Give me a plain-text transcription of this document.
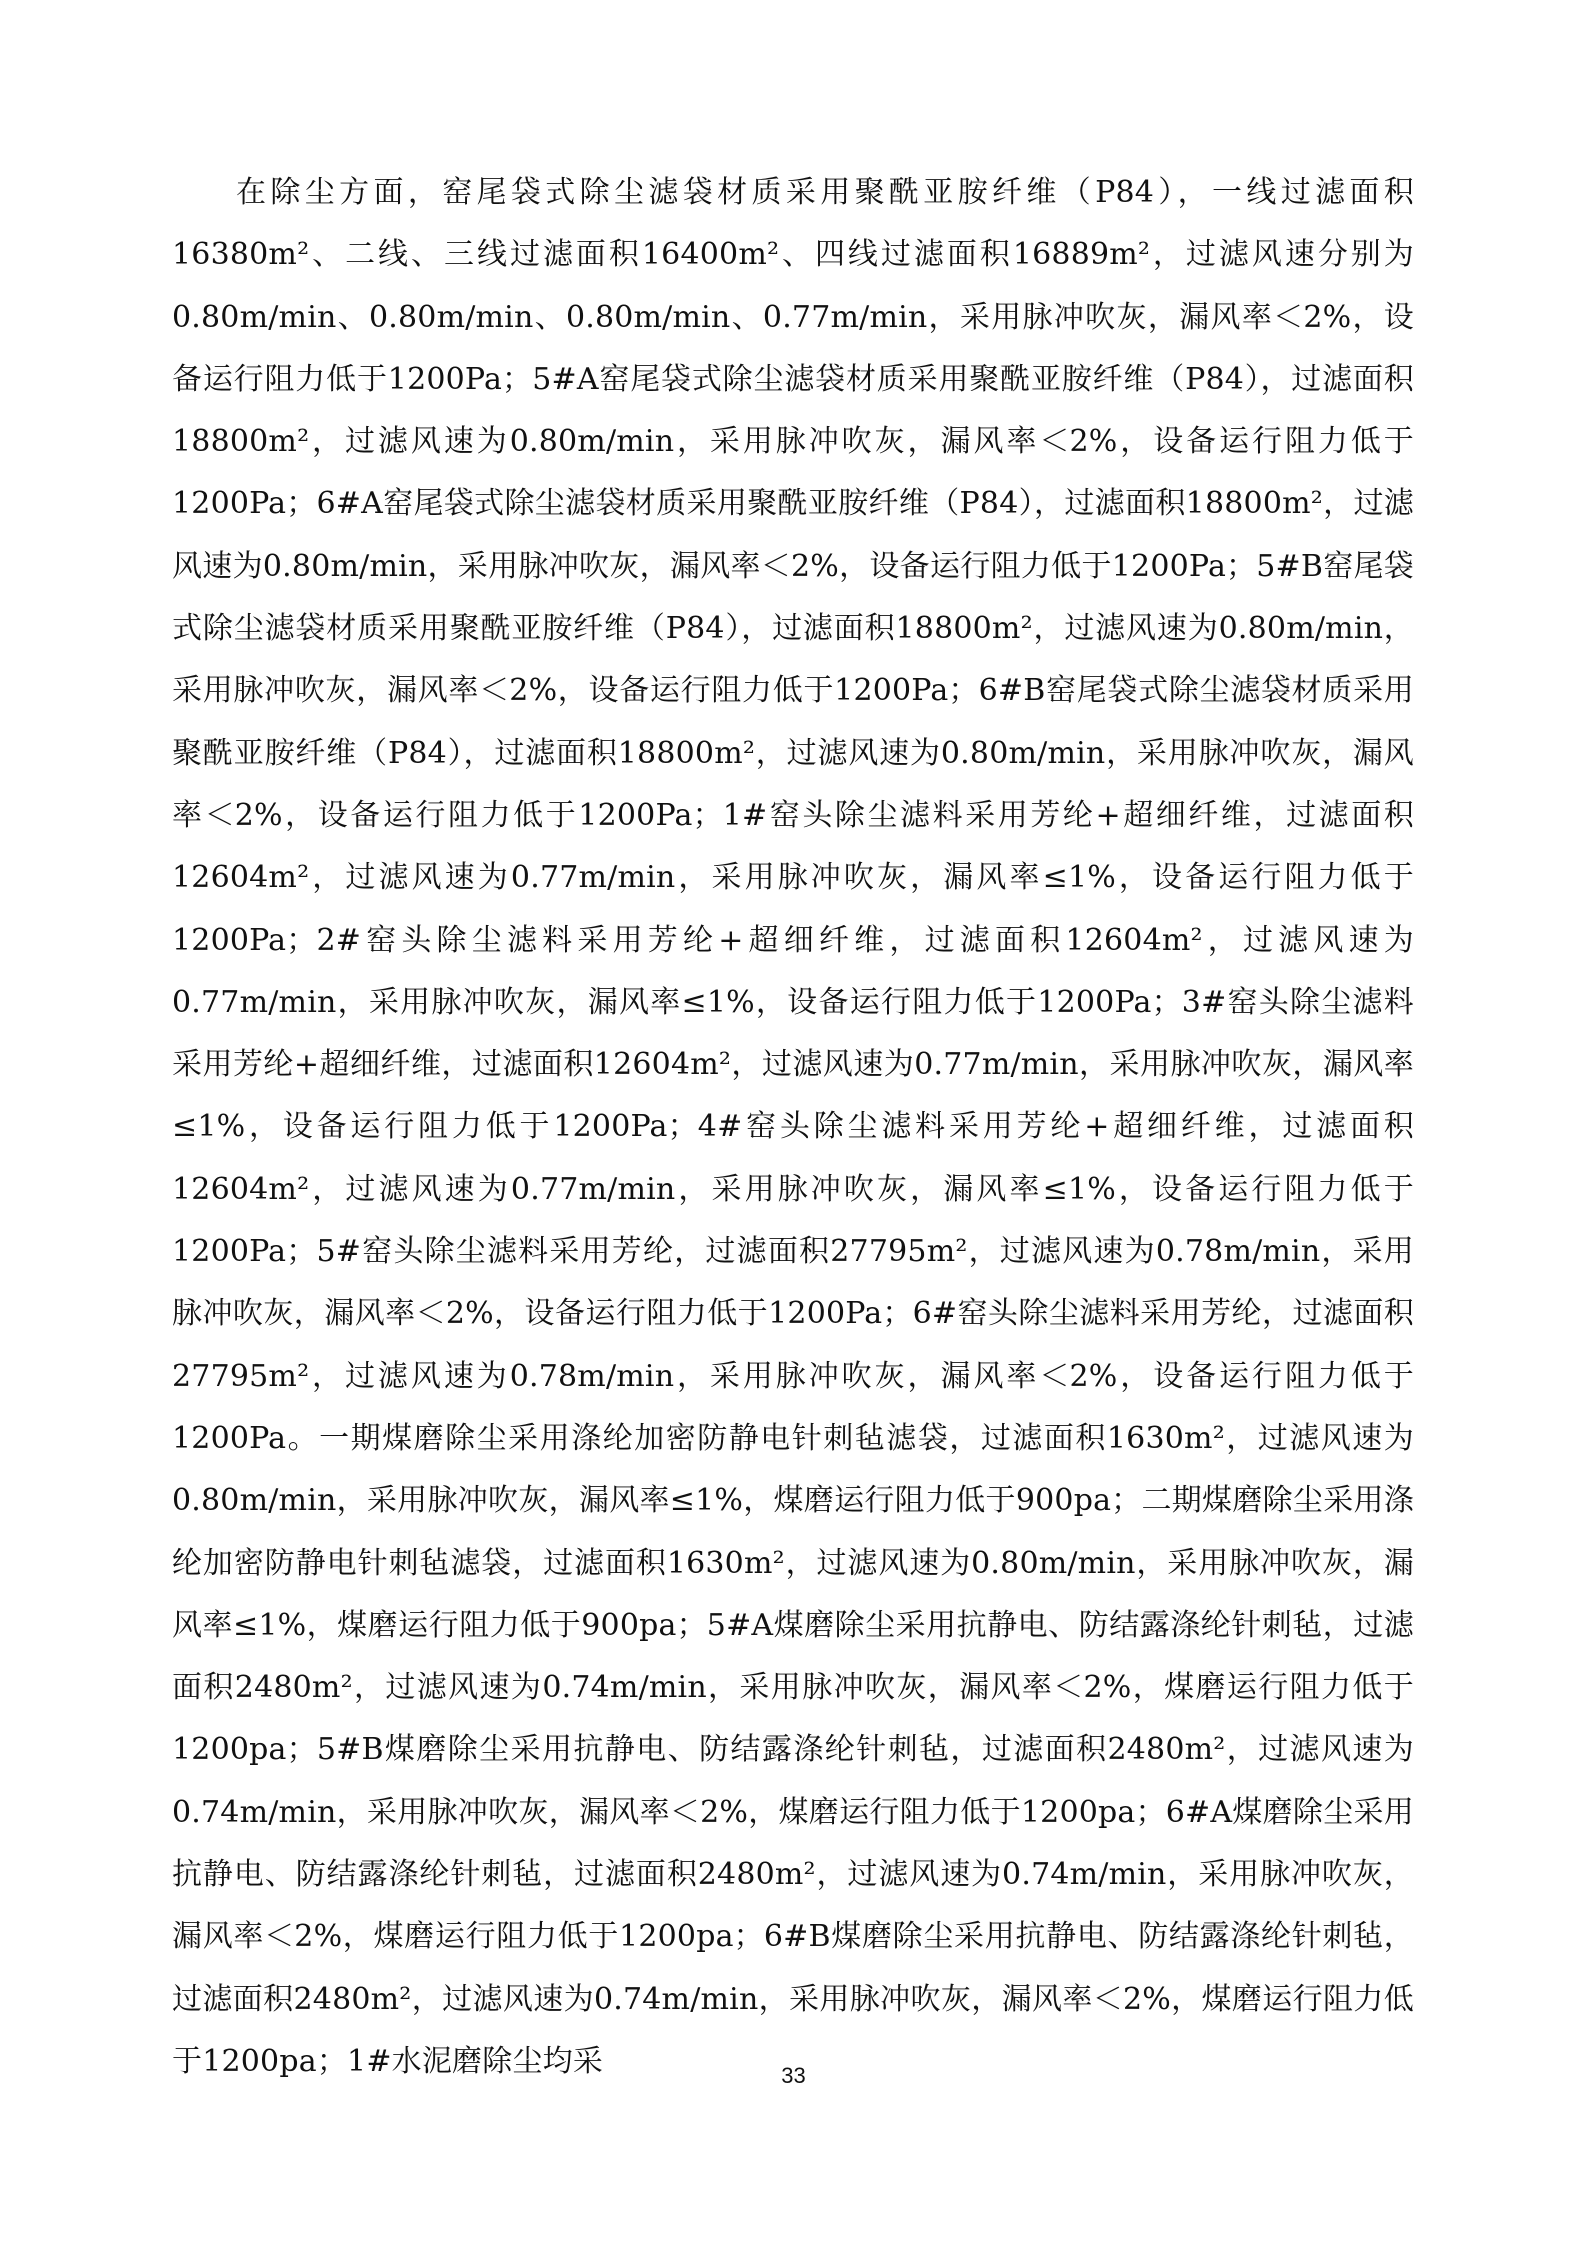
在除尘方面，窑尾袋式除尘滤袋材质采用聚酰亚胺纤维（P84），一线过滤面积16380m²、二线、三线过滤面积16400m²、四线过滤面积16889m²，过滤风速分别为0.80m/min、0.80m/min、0.80m/min、0.77m/min，采用脉冲吹灰，漏风率＜2%，设备运行阻力低于1200Pa；5#A窑尾袋式除尘滤袋材质采用聚酰亚胺纤维（P84），过滤面积18800m²，过滤风速为0.80m/min，采用脉冲吹灰，漏风率＜2%，设备运行阻力低于1200Pa；6#A窑尾袋式除尘滤袋材质采用聚酰亚胺纤维（P84），过滤面积18800m²，过滤风速为0.80m/min，采用脉冲吹灰，漏风率＜2%，设备运行阻力低于1200Pa；5#B窑尾袋式除尘滤袋材质采用聚酰亚胺纤维（P84），过滤面积18800m²，过滤风速为0.80m/min，采用脉冲吹灰，漏风率＜2%，设备运行阻力低于1200Pa；6#B窑尾袋式除尘滤袋材质采用聚酰亚胺纤维（P84），过滤面积18800m²，过滤风速为0.80m/min，采用脉冲吹灰，漏风率＜2%，设备运行阻力低于1200Pa；1#窑头除尘滤料采用芳纶+超细纤维，过滤面积12604m²，过滤风速为0.77m/min，采用脉冲吹灰，漏风率≤1%，设备运行阻力低于1200Pa；2#窑头除尘滤料采用芳纶+超细纤维，过滤面积12604m²，过滤风速为0.77m/min，采用脉冲吹灰，漏风率≤1%，设备运行阻力低于1200Pa；3#窑头除尘滤料采用芳纶+超细纤维，过滤面积12604m²，过滤风速为0.77m/min，采用脉冲吹灰，漏风率≤1%，设备运行阻力低于1200Pa；4#窑头除尘滤料采用芳纶+超细纤维，过滤面积12604m²，过滤风速为0.77m/min，采用脉冲吹灰，漏风率≤1%，设备运行阻力低于1200Pa；5#窑头除尘滤料采用芳纶，过滤面积27795m²，过滤风速为0.78m/min，采用脉冲吹灰，漏风率＜2%，设备运行阻力低于1200Pa；6#窑头除尘滤料采用芳纶，过滤面积27795m²，过滤风速为0.78m/min，采用脉冲吹灰，漏风率＜2%，设备运行阻力低于1200Pa。一期煤磨除尘采用涤纶加密防静电针刺毡滤袋，过滤面积1630m²，过滤风速为0.80m/min，采用脉冲吹灰，漏风率≤1%，煤磨运行阻力低于900pa；二期煤磨除尘采用涤纶加密防静电针刺毡滤袋，过滤面积1630m²，过滤风速为0.80m/min，采用脉冲吹灰，漏风率≤1%，煤磨运行阻力低于900pa；5#A煤磨除尘采用抗静电、防结露涤纶针刺毡，过滤面积2480m²，过滤风速为0.74m/min，采用脉冲吹灰，漏风率＜2%，煤磨运行阻力低于1200pa；5#B煤磨除尘采用抗静电、防结露涤纶针刺毡，过滤面积2480m²，过滤风速为0.74m/min，采用脉冲吹灰，漏风率＜2%，煤磨运行阻力低于1200pa；6#A煤磨除尘采用抗静电、防结露涤纶针刺毡，过滤面积2480m²，过滤风速为0.74m/min，采用脉冲吹灰，漏风率＜2%，煤磨运行阻力低于1200pa；6#B煤磨除尘采用抗静电、防结露涤纶针刺毡，过滤面积2480m²，过滤风速为0.74m/min，采用脉冲吹灰，漏风率＜2%，煤磨运行阻力低于1200pa；1#水泥磨除尘均采	33
